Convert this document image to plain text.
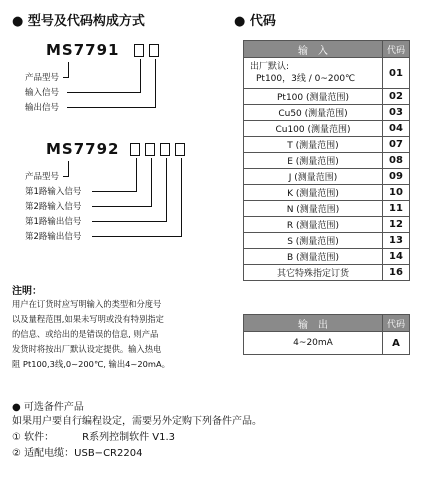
● 型号及代码构成方式
MS7791
产品型号
输入信号
输出信号
MS7792
产品型号
第1路输入信号
第2路输入信号
第1路输出信号
第2路输出信号
注明：
用户在订货时应写明输入的类型和分度号
以及量程范围,如果未写明或没有特别指定
的信息、或给出的是错误的信息, 则产品
发货时将按出厂默认设定提供。输入热电
阻 Pt100,3线,0~200℃, 输出4~20mA。
● 代码
输　入	代码

出厂默认:
Pt100，3线 / 0~200℃	01
Pt100 (测量范围)	02
Cu50 (测量范围)	03
Cu100 (测量范围)	04
T (测量范围)	07
E (测量范围)	08
J (测量范围)	09
K (测量范围)	10
N (测量范围)	11
R (测量范围)	12
S (测量范围)	13
B (测量范围)	14
其它特殊指定订货	16
输　出	代码
4~20mA	A
● 可选备件产品
如果用户要自行编程设定，需要另外定购下列备件产品。
① 软件：	R系列控制软件 V1.3
② 适配电缆：USB−CR2204
